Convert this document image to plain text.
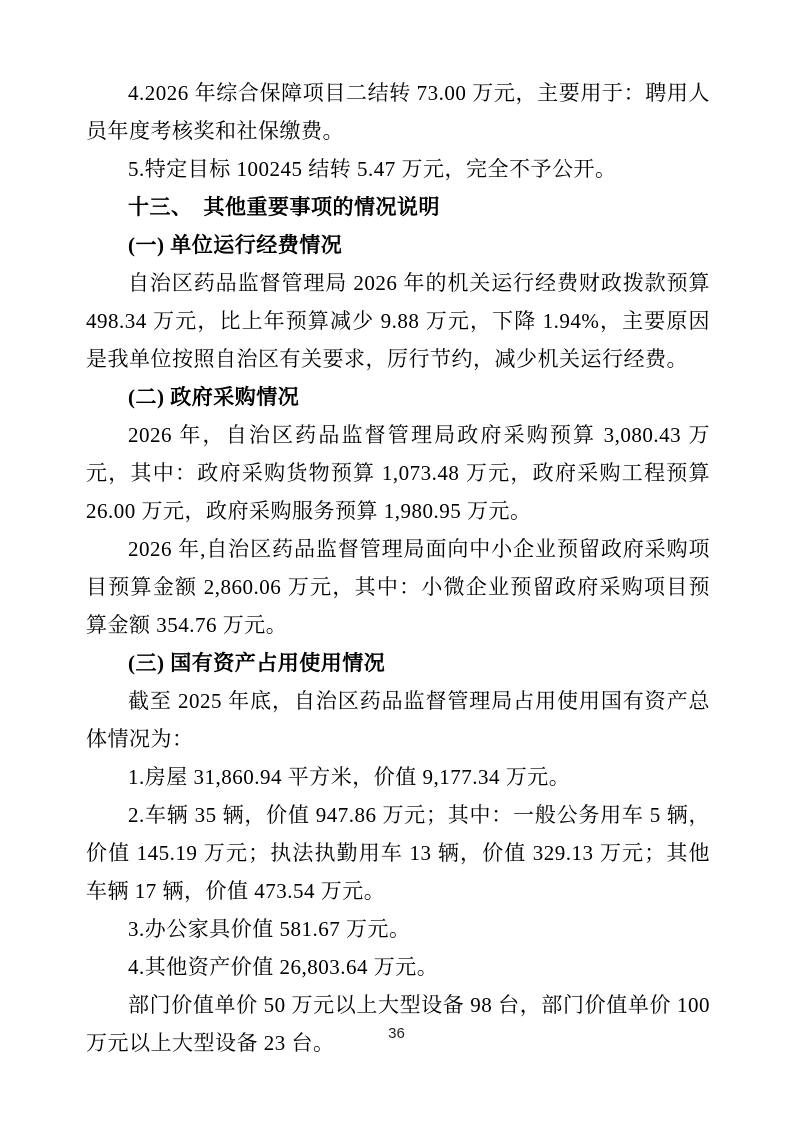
4.2026 年综合保障项目二结转 73.00 万元，主要用于：聘用人员年度考核奖和社保缴费。

5.特定目标 100245 结转 5.47 万元，完全不予公开。

十三、　其他重要事项的情况说明

(一) 单位运行经费情况

自治区药品监督管理局 2026 年的机关运行经费财政拨款预算 498.34 万元，比上年预算减少 9.88 万元，下降 1.94%，主要原因是我单位按照自治区有关要求，厉行节约，减少机关运行经费。

(二) 政府采购情况

2026 年，自治区药品监督管理局政府采购预算 3,080.43 万元，其中：政府采购货物预算 1,073.48 万元，政府采购工程预算 26.00 万元，政府采购服务预算 1,980.95 万元。

2026 年,自治区药品监督管理局面向中小企业预留政府采购项目预算金额 2,860.06 万元，其中：小微企业预留政府采购项目预算金额 354.76 万元。

(三) 国有资产占用使用情况

截至 2025 年底，自治区药品监督管理局占用使用国有资产总体情况为：

1.房屋 31,860.94 平方米，价值 9,177.34 万元。

2.车辆 35 辆，价值 947.86 万元；其中：一般公务用车 5 辆，价值 145.19 万元；执法执勤用车 13 辆，价值 329.13 万元；其他车辆 17 辆，价值 473.54 万元。

3.办公家具价值 581.67 万元。

4.其他资产价值 26,803.64 万元。

部门价值单价 50 万元以上大型设备 98 台，部门价值单价 100 万元以上大型设备 23 台。	36
